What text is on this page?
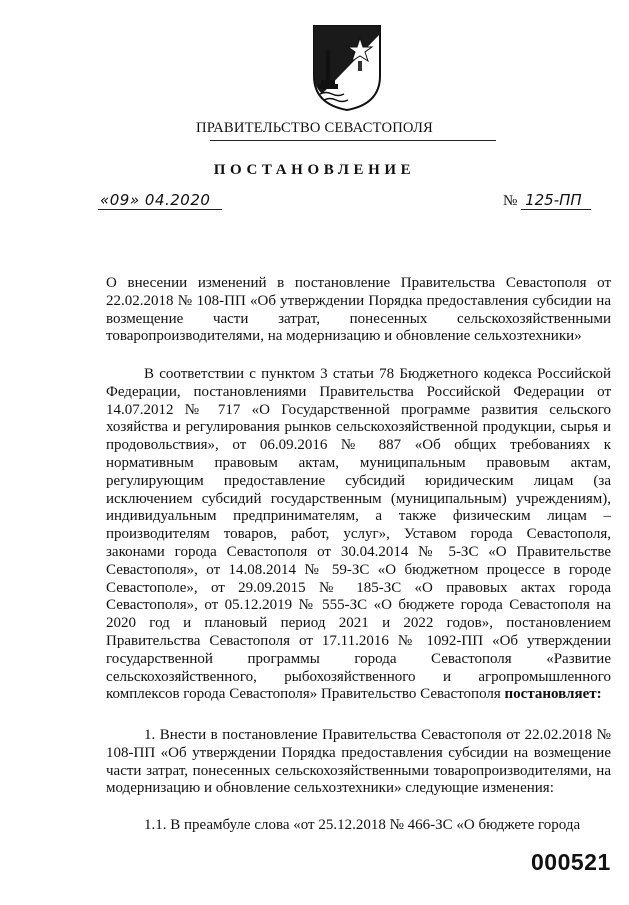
ПРАВИТЕЛЬСТВО СЕВАСТОПОЛЯ
ПОСТАНОВЛЕНИЕ
«09» 04.2020	№ 125-ПП
О внесении изменений в постановление Правительства Севастополя от 22.02.2018 № 108-ПП «Об утверждении Порядка предоставления субсидии на возмещение части затрат, понесенных сельскохозяйственными товаропроизводителями, на модернизацию и обновление сельхозтехники»
В соответствии с пунктом 3 статьи 78 Бюджетного кодекса Российской Федерации, постановлениями Правительства Российской Федерации от 14.07.2012 № 717 «О Государственной программе развития сельского хозяйства и регулирования рынков сельскохозяйственной продукции, сырья и продовольствия», от 06.09.2016 № 887 «Об общих требованиях к нормативным правовым актам, муниципальным правовым актам, регулирующим предоставление субсидий юридическим лицам (за исключением субсидий государственным (муниципальным) учреждениям), индивидуальным предпринимателям, а также физическим лицам – производителям товаров, работ, услуг», Уставом города Севастополя, законами города Севастополя от 30.04.2014 № 5-ЗС «О Правительстве Севастополя», от 14.08.2014 № 59-ЗС «О бюджетном процессе в городе Севастополе», от 29.09.2015 № 185-ЗС «О правовых актах города Севастополя», от 05.12.2019 № 555-ЗС «О бюджете города Севастополя на 2020 год и плановый период 2021 и 2022 годов», постановлением Правительства Севастополя от 17.11.2016 № 1092-ПП «Об утверждении государственной программы города Севастополя «Развитие сельскохозяйственного, рыбохозяйственного и агропромышленного комплексов города Севастополя» Правительство Севастополя постановляет:
1. Внести в постановление Правительства Севастополя от 22.02.2018 № 108-ПП «Об утверждении Порядка предоставления субсидии на возмещение части затрат, понесенных сельскохозяйственными товаропроизводителями, на модернизацию и обновление сельхозтехники» следующие изменения:
1.1. В преамбуле слова «от 25.12.2018 № 466-ЗС «О бюджете города
000521
